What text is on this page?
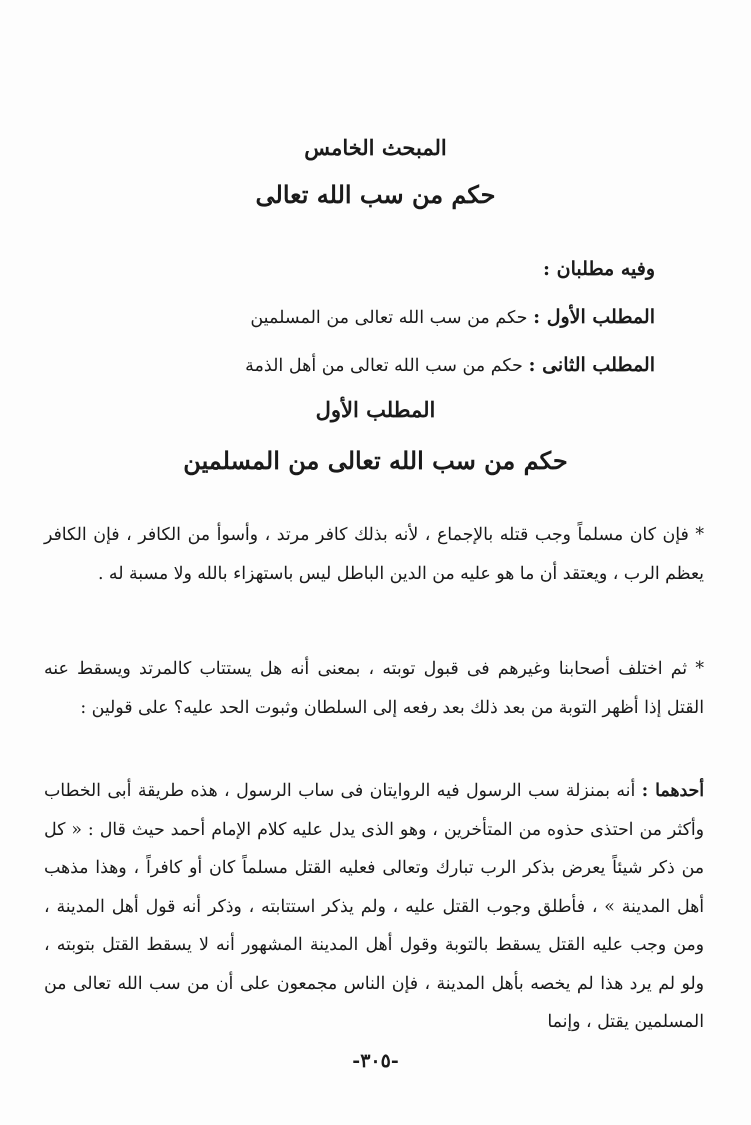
المبحث الخامس
حكم من سب الله تعالى
وفيه مطلبان :
المطلب الأول : حكم من سب الله تعالى من المسلمين
المطلب الثانى : حكم من سب الله تعالى من أهل الذمة
المطلب الأول
حكم من سب الله تعالى من المسلمين

* فإن كان مسلماً وجب قتله بالإجماع ، لأنه بذلك كافر مرتد ، وأسوأ من الكافر ، فإن الكافر يعظم الرب ، ويعتقد أن ما هو عليه من الدين الباطل ليس باستهزاء بالله ولا مسبة له .

* ثم اختلف أصحابنا وغيرهم فى قبول توبته ، بمعنى أنه هل يستتاب كالمرتد ويسقط عنه القتل إذا أظهر التوبة من بعد ذلك بعد رفعه إلى السلطان وثبوت الحد عليه؟ على قولين :

أحدهما : أنه بمنزلة سب الرسول فيه الروايتان فى ساب الرسول ، هذه طريقة أبى الخطاب وأكثر من احتذى حذوه من المتأخرين ، وهو الذى يدل عليه كلام الإمام أحمد حيث قال : « كل من ذكر شيئاً يعرض بذكر الرب تبارك وتعالى فعليه القتل مسلماً كان أو كافراً ، وهذا مذهب أهل المدينة » ، فأطلق وجوب القتل عليه ، ولم يذكر استتابته ، وذكر أنه قول أهل المدينة ، ومن وجب عليه القتل يسقط بالتوبة وقول أهل المدينة المشهور أنه لا يسقط القتل بتوبته ، ولو لم يرد هذا لم يخصه بأهل المدينة ، فإن الناس مجمعون على أن من سب الله تعالى من المسلمين يقتل ، وإنما

-٣٠٥-
